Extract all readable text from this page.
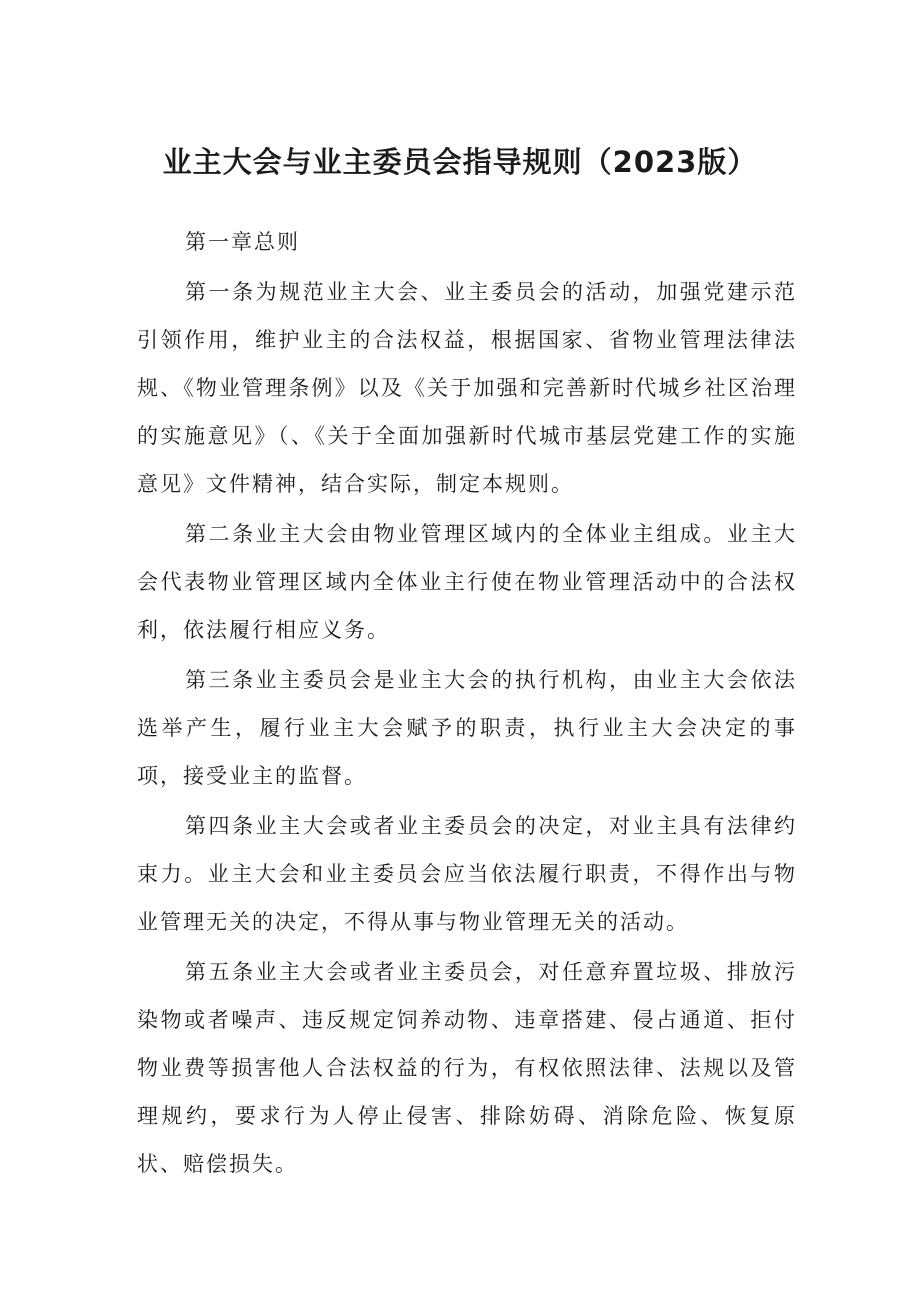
业主大会与业主委员会指导规则（2023版）

第一章总则

第一条为规范业主大会、业主委员会的活动，加强党建示范引领作用，维护业主的合法权益，根据国家、省物业管理法律法规、《物业管理条例》以及《关于加强和完善新时代城乡社区治理的实施意见》（、《关于全面加强新时代城市基层党建工作的实施意见》文件精神，结合实际，制定本规则。

第二条业主大会由物业管理区域内的全体业主组成。业主大会代表物业管理区域内全体业主行使在物业管理活动中的合法权利，依法履行相应义务。

第三条业主委员会是业主大会的执行机构，由业主大会依法选举产生，履行业主大会赋予的职责，执行业主大会决定的事项，接受业主的监督。

第四条业主大会或者业主委员会的决定，对业主具有法律约束力。业主大会和业主委员会应当依法履行职责，不得作出与物业管理无关的决定，不得从事与物业管理无关的活动。

第五条业主大会或者业主委员会，对任意弃置垃圾、排放污染物或者噪声、违反规定饲养动物、违章搭建、侵占通道、拒付物业费等损害他人合法权益的行为，有权依照法律、法规以及管理规约，要求行为人停止侵害、排除妨碍、消除危险、恢复原状、赔偿损失。
